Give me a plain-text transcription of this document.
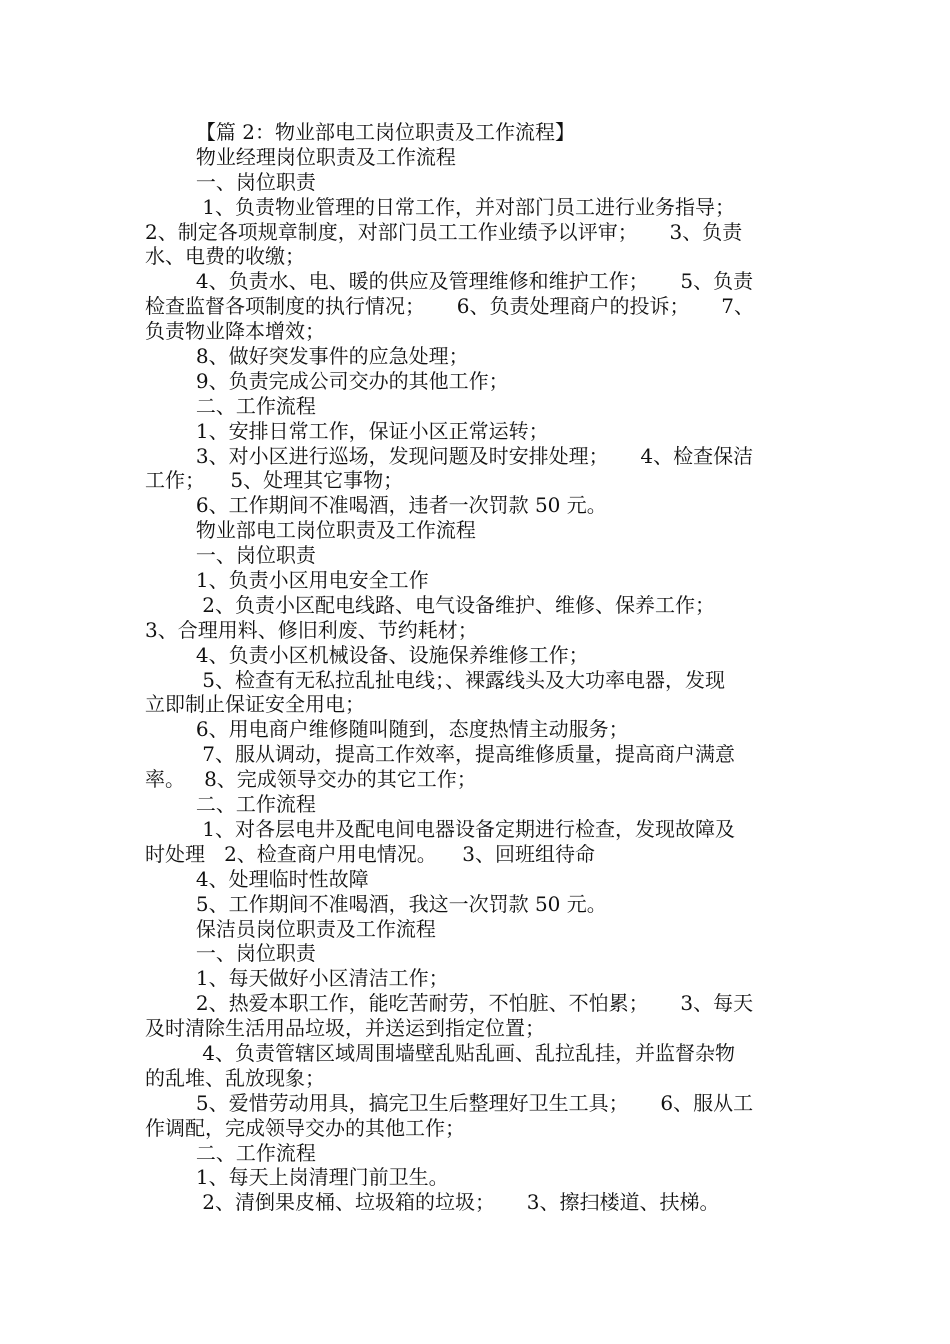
【篇 2：物业部电工岗位职责及工作流程】
物业经理岗位职责及工作流程
一、岗位职责
1、负责物业管理的日常工作，并对部门员工进行业务指导；
2、制定各项规章制度，对部门员工工作业绩予以评审；     3、负责
水、电费的收缴；
4、负责水、电、暖的供应及管理维修和维护工作；     5、负责
检查监督各项制度的执行情况；     6、负责处理商户的投诉；     7、
负责物业降本增效；
8、做好突发事件的应急处理；
9、负责完成公司交办的其他工作；
二、工作流程
1、安排日常工作，保证小区正常运转；
3、对小区进行巡场，发现问题及时安排处理；     4、检查保洁
工作；    5、处理其它事物；
6、工作期间不准喝酒，违者一次罚款 50 元。
物业部电工岗位职责及工作流程
一、岗位职责
1、负责小区用电安全工作
2、负责小区配电线路、电气设备维护、维修、保养工作；
3、合理用料、修旧利废、节约耗材；
4、负责小区机械设备、设施保养维修工作；
5、检查有无私拉乱扯电线；、裸露线头及大功率电器，发现
立即制止保证安全用电；
6、用电商户维修随叫随到，态度热情主动服务；
7、服从调动，提高工作效率，提高维修质量，提高商户满意
率。   8、完成领导交办的其它工作；
二、工作流程
1、对各层电井及配电间电器设备定期进行检查，发现故障及
时处理   2、检查商户用电情况。    3、回班组待命
4、处理临时性故障
5、工作期间不准喝酒，我这一次罚款 50 元。
保洁员岗位职责及工作流程
一、岗位职责
1、每天做好小区清洁工作；
2、热爱本职工作，能吃苦耐劳，不怕脏、不怕累；     3、每天
及时清除生活用品垃圾，并送运到指定位置；
4、负责管辖区域周围墙壁乱贴乱画、乱拉乱挂，并监督杂物
的乱堆、乱放现象；
5、爱惜劳动用具，搞完卫生后整理好卫生工具；     6、服从工
作调配，完成领导交办的其他工作；
二、工作流程
1、每天上岗清理门前卫生。
2、清倒果皮桶、垃圾箱的垃圾；     3、擦扫楼道、扶梯。
